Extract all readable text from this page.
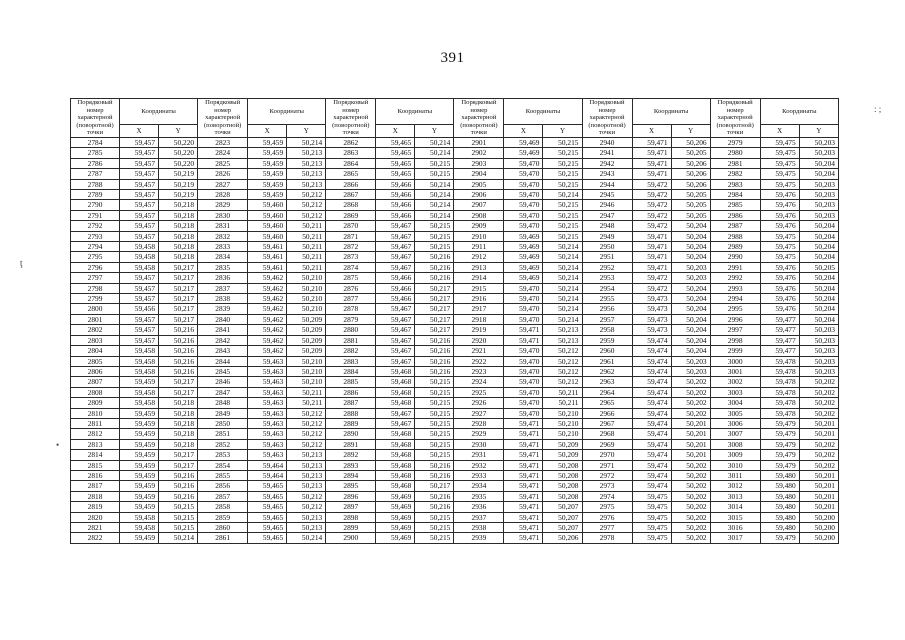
391
ţ
: ;
•
Порядковый номер характерной (поворотной) точки	Координаты		Порядковый номер характерной (поворотной) точки	Координаты		Порядковый номер характерной (поворотной) точки	Координаты		Порядковый номер характерной (поворотной) точки	Координаты		Порядковый номер характерной (поворотной) точки	Координаты		Порядковый номер характерной (поворотной) точки	Координаты	
	X	Y		X	Y		X	Y		X	Y		X	Y		X	Y
2784	59,457	50,220	2823	59,459	50,214	2862	59,465	50,214	2901	59,469	50,215	2940	59,471	50,206	2979	59,475	50,203
2785	59,457	50,220	2824	59,459	50,213	2863	59,465	50,214	2902	59,469	50,215	2941	59,471	50,205	2980	59,475	50,203
2786	59,457	50,220	2825	59,459	50,213	2864	59,465	50,215	2903	59,470	50,215	2942	59,471	50,206	2981	59,475	50,204
2787	59,457	50,219	2826	59,459	50,213	2865	59,465	50,215	2904	59,470	50,215	2943	59,471	50,206	2982	59,475	50,204
2788	59,457	50,219	2827	59,459	50,213	2866	59,466	50,214	2905	59,470	50,215	2944	59,472	50,206	2983	59,475	50,203
2789	59,457	50,219	2828	59,459	50,212	2867	59,466	50,214	2906	59,470	50,214	2945	59,472	50,205	2984	59,476	50,203
2790	59,457	50,218	2829	59,460	50,212	2868	59,466	50,214	2907	59,470	50,215	2946	59,472	50,205	2985	59,476	50,203
2791	59,457	50,218	2830	59,460	50,212	2869	59,466	50,214	2908	59,470	50,215	2947	59,472	50,205	2986	59,476	50,203
2792	59,457	50,218	2831	59,460	50,211	2870	59,467	50,215	2909	59,470	50,215	2948	59,472	50,204	2987	59,476	50,204
2793	59,457	50,218	2832	59,460	50,211	2871	59,467	50,215	2910	59,469	50,215	2949	59,471	50,204	2988	59,475	50,204
2794	59,458	50,218	2833	59,461	50,211	2872	59,467	50,215	2911	59,469	50,214	2950	59,471	50,204	2989	59,475	50,204
2795	59,458	50,218	2834	59,461	50,211	2873	59,467	50,216	2912	59,469	50,214	2951	59,471	50,204	2990	59,475	50,204
2796	59,458	50,217	2835	59,461	50,211	2874	59,467	50,216	2913	59,469	50,214	2952	59,471	50,203	2991	59,476	50,205
2797	59,457	50,217	2836	59,462	50,210	2875	59,466	50,216	2914	59,469	50,214	2953	59,472	50,203	2992	59,476	50,204
2798	59,457	50,217	2837	59,462	50,210	2876	59,466	50,217	2915	59,470	50,214	2954	59,472	50,204	2993	59,476	50,204
2799	59,457	50,217	2838	59,462	50,210	2877	59,466	50,217	2916	59,470	50,214	2955	59,473	50,204	2994	59,476	50,204
2800	59,456	50,217	2839	59,462	50,210	2878	59,467	50,217	2917	59,470	50,214	2956	59,473	50,204	2995	59,476	50,204
2801	59,457	50,217	2840	59,462	50,209	2879	59,467	50,217	2918	59,470	50,214	2957	59,473	50,204	2996	59,477	50,204
2802	59,457	50,216	2841	59,462	50,209	2880	59,467	50,217	2919	59,471	50,213	2958	59,473	50,204	2997	59,477	50,203
2803	59,457	50,216	2842	59,462	50,209	2881	59,467	50,216	2920	59,471	50,213	2959	59,474	50,204	2998	59,477	50,203
2804	59,458	50,216	2843	59,462	50,209	2882	59,467	50,216	2921	59,470	50,212	2960	59,474	50,204	2999	59,477	50,203
2805	59,458	50,216	2844	59,463	50,210	2883	59,467	50,216	2922	59,470	50,212	2961	59,474	50,203	3000	59,478	50,203
2806	59,458	50,216	2845	59,463	50,210	2884	59,468	50,216	2923	59,470	50,212	2962	59,474	50,203	3001	59,478	50,203
2807	59,459	50,217	2846	59,463	50,210	2885	59,468	50,215	2924	59,470	50,212	2963	59,474	50,202	3002	59,478	50,202
2808	59,458	50,217	2847	59,463	50,211	2886	59,468	50,215	2925	59,470	50,211	2964	59,474	50,202	3003	59,478	50,202
2809	59,458	50,218	2848	59,463	50,211	2887	59,468	50,215	2926	59,470	50,211	2965	59,474	50,202	3004	59,478	50,202
2810	59,459	50,218	2849	59,463	50,212	2888	59,467	50,215	2927	59,470	50,210	2966	59,474	50,202	3005	59,478	50,202
2811	59,459	50,218	2850	59,463	50,212	2889	59,467	50,215	2928	59,471	50,210	2967	59,474	50,201	3006	59,479	50,201
2812	59,459	50,218	2851	59,463	50,212	2890	59,468	50,215	2929	59,471	50,210	2968	59,474	50,201	3007	59,479	50,201
2813	59,459	50,218	2852	59,463	50,212	2891	59,468	50,215	2930	59,471	50,209	2969	59,474	50,201	3008	59,479	50,202
2814	59,459	50,217	2853	59,463	50,213	2892	59,468	50,215	2931	59,471	50,209	2970	59,474	50,201	3009	59,479	50,202
2815	59,459	50,217	2854	59,464	50,213	2893	59,468	50,216	2932	59,471	50,208	2971	59,474	50,202	3010	59,479	50,202
2816	59,459	50,216	2855	59,464	50,213	2894	59,468	50,216	2933	59,471	50,208	2972	59,474	50,202	3011	59,480	50,201
2817	59,459	50,216	2856	59,465	50,213	2895	59,468	50,217	2934	59,471	50,208	2973	59,474	50,202	3012	59,480	50,201
2818	59,459	50,216	2857	59,465	50,212	2896	59,469	50,216	2935	59,471	50,208	2974	59,475	50,202	3013	59,480	50,201
2819	59,459	50,215	2858	59,465	50,212	2897	59,469	50,216	2936	59,471	50,207	2975	59,475	50,202	3014	59,480	50,201
2820	59,458	50,215	2859	59,465	50,213	2898	59,469	50,215	2937	59,471	50,207	2976	59,475	50,202	3015	59,480	50,200
2821	59,458	50,215	2860	59,465	50,213	2899	59,469	50,215	2938	59,471	50,207	2977	59,475	50,202	3016	59,480	50,200
2822	59,459	50,214	2861	59,465	50,214	2900	59,469	50,215	2939	59,471	50,206	2978	59,475	50,202	3017	59,479	50,200
